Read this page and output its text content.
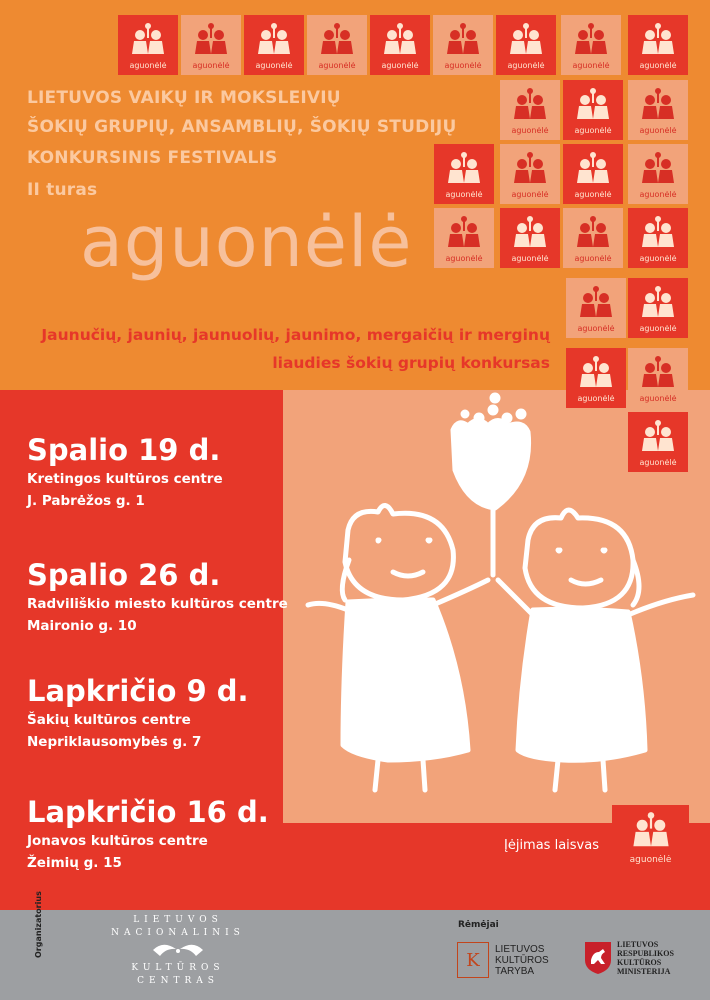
aguonėlė	aguonėlė	aguonėlė	aguonėlė	aguonėlė	aguonėlė	aguonėlė	aguonėlė	aguonėlė
aguonėlė	aguonėlė	aguonėlė
aguonėlė	aguonėlė	aguonėlė	aguonėlė
aguonėlė	aguonėlė	aguonėlė	aguonėlė
aguonėlė	aguonėlė
aguonėlė	aguonėlė
aguonėlė
LIETUVOS VAIKŲ IR MOKSLEIVIŲ
ŠOKIŲ GRUPIŲ, ANSAMBLIŲ, ŠOKIŲ STUDIJŲ
KONKURSINIS FESTIVALIS
II turas
aguonėlė

Jaunučių, jaunių, jaunuolių, jaunimo, mergaičių ir merginų

liaudies šokių grupių konkursas

Spalio 19 d.
Kretingos kultūros centre
J. Pabrėžos g. 1
Spalio 26 d.
Radviliškio miesto kultūros centre
Maironio g. 10
Lapkričio 9 d.
Šakių kultūros centre
Nepriklausomybės g. 7
Lapkričio 16 d.
Jonavos kultūros centre
Žeimių g. 15
Įėjimas laisvas
aguonėlė
Organizatorius	LIETUVOS
NACIONALINIS
KULTŪROS
CENTRAS
Rėmėjai
K
LIETUVOS
KULTŪROS
TARYBA
LIETUVOS
RESPUBLIKOS
KULTŪROS
MINISTERIJA
